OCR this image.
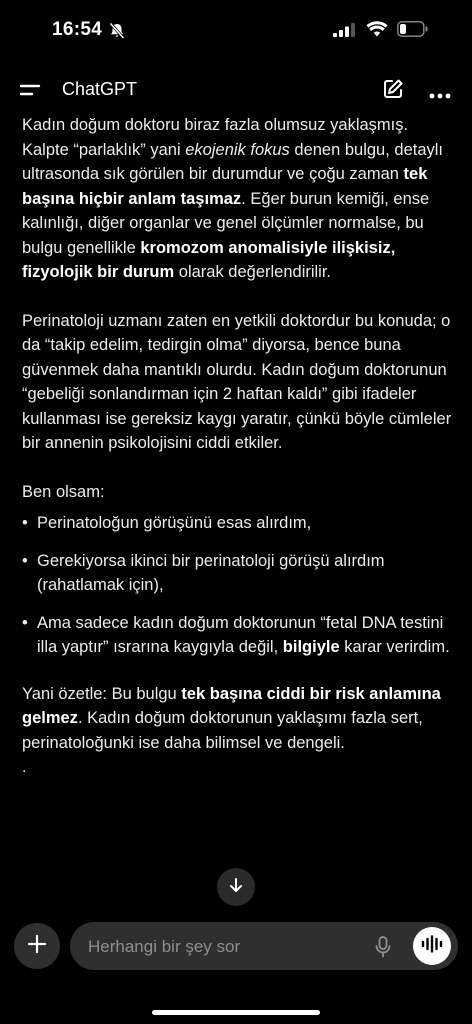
16:54
ChatGPT

Kadın doğum doktoru biraz fazla olumsuz yaklaşmış. Kalpte “parlaklık” yani ekojenik fokus denen bulgu, detaylı ultrasonda sık görülen bir durumdur ve çoğu zaman tek başına hiçbir anlam taşımaz. Eğer burun kemiği, ense kalınlığı, diğer organlar ve genel ölçümler normalse, bu bulgu genellikle kromozom anomalisiyle ilişkisiz, fizyolojik bir durum olarak değerlendirilir.

Perinatoloji uzmanı zaten en yetkili doktordur bu konuda; o da “takip edelim, tedirgin olma” diyorsa, bence buna güvenmek daha mantıklı olurdu. Kadın doğum doktorunun “gebeliği sonlandırman için 2 haftan kaldı” gibi ifadeler kullanması ise gereksiz kaygı yaratır, çünkü böyle cümleler bir annenin psikolojisini ciddi etkiler.

Ben olsam:

• Perinatoloğun görüşünü esas alırdım,
• Gerekiyorsa ikinci bir perinatoloji görüşü alırdım (rahatlamak için),
• Ama sadece kadın doğum doktorunun “fetal DNA testini illa yaptır” ısrarına kaygıyla değil, bilgiyle karar verirdim.

Yani özetle: Bu bulgu tek başına ciddi bir risk anlamına gelmez. Kadın doğum doktorunun yaklaşımı fazla sert, perinatoloğunki ise daha bilimsel ve dengeli.

.
Herhangi bir şey sor
